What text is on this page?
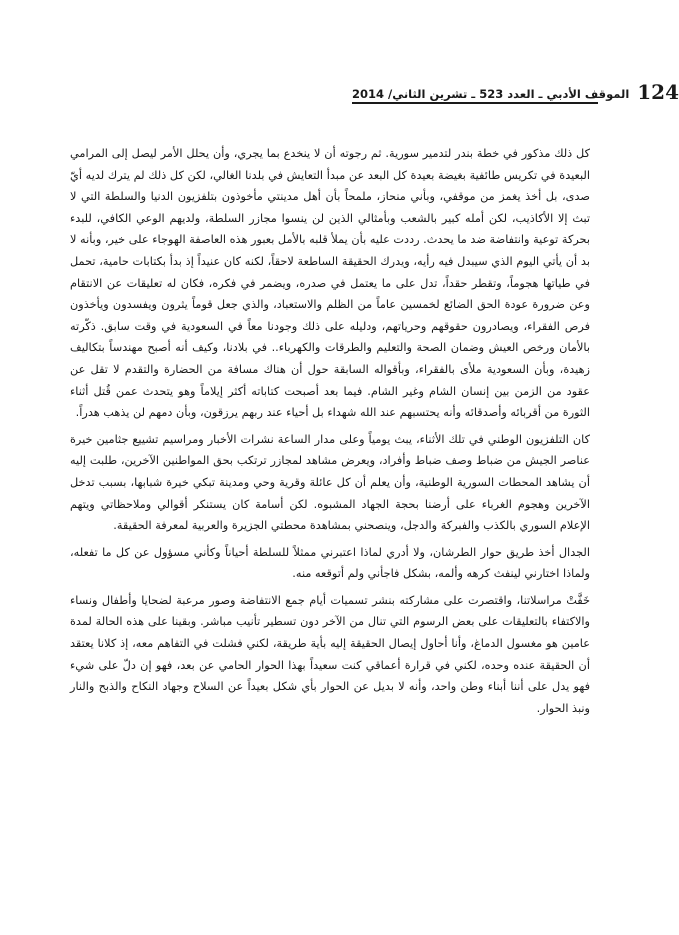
الموقف الأدبي ـ العدد 523 ـ تشرين الثاني/ 2014 124

كل ذلك مذكور في خطة بندر لتدمير سورية. ثم رجوته أن لا ينخدع بما يجري، وأن يحلل الأمر ليصل إلى المرامي البعيدة في تكريس طائفية بغيضة بعيدة كل البعد عن مبدأ التعايش في بلدنا الغالي، لكن كل ذلك لم يترك لديه أيّ صدى، بل أخذ يغمز من موقفي، وبأني منحاز، ملمحاً بأن أهل مدينتي مأخوذون بتلفزيون الدنيا والسلطة التي لا تبث إلا الأكاذيب، لكن أمله كبير بالشعب وبأمثالي الذين لن ينسوا مجازر السلطة، ولديهم الوعي الكافي، للبدء بحركة توعية وانتفاضة ضد ما يحدث. رددت عليه بأن يملأ قلبه بالأمل بعبور هذه العاصفة الهوجاء على خير، وبأنه لا بد أن يأتي اليوم الذي سيبدل فيه رأيه، ويدرك الحقيقة الساطعة لاحقاً، لكنه كان عنيداً إذ بدأ بكتابات حامية، تحمل في طياتها هجوماً، وتقطر حقداً، تدل على ما يعتمل في صدره، ويضمر في فكره، فكان له تعليقات عن الانتقام وعن ضرورة عودة الحق الضائع لخمسين عاماً من الظلم والاستعباد، والذي جعل قوماً يثرون ويفسدون ويأخذون فرص الفقراء، ويصادرون حقوقهم وحرياتهم، ودليله على ذلك وجودنا معاً في السعودية في وقت سابق. ذكّرته بالأمان ورخص العيش وضمان الصحة والتعليم والطرقات والكهرباء.. في بلادنا، وكيف أنه أصبح مهندساً بتكاليف زهيدة، وبأن السعودية ملأى بالفقراء، وبأقواله السابقة حول أن هناك مسافة من الحضارة والتقدم لا تقل عن عقود من الزمن بين إنسان الشام وغير الشام. فيما بعد أصبحت كتاباته أكثر إيلاماً وهو يتحدث عمن قُتل أثناء الثورة من أقربائه وأصدقائه وأنه يحتسبهم عند الله شهداء بل أحياء عند ربهم يرزقون، وبأن دمهم لن يذهب هدراً.

كان التلفزيون الوطني في تلك الأثناء، يبث يومياً وعلى مدار الساعة نشرات الأخبار ومراسيم تشييع جثامين خيرة عناصر الجيش من ضباط وصف ضباط وأفراد، ويعرض مشاهد لمجازر ترتكب بحق المواطنين الآخرين، طلبت إليه أن يشاهد المحطات السورية الوطنية، وأن يعلم أن كل عائلة وقرية وحي ومدينة تبكي خيرة شبابها، بسبب تدخل الآخرين وهجوم الغرباء على أرضنا بحجة الجهاد المشبوه. لكن أسامة كان يستنكر أقوالي وملاحظاتي ويتهم الإعلام السوري بالكذب والفبركة والدجل، وينصحني بمشاهدة محطتي الجزيرة والعربية لمعرفة الحقيقة.

الجدال أخذ طريق حوار الطرشان، ولا أدري لماذا اعتبرني ممثلاً للسلطة أحياناً وكأني مسؤول عن كل ما تفعله، ولماذا اختارني لينفث كرهه وألمه، بشكل فاجأني ولم أتوقعه منه.

خَفَّتْ مراسلاتنا، واقتصرت على مشاركته بنشر تسميات أيام جمع الانتفاضة وصور مرعبة لضحايا وأطفال ونساء والاكتفاء بالتعليقات على بعض الرسوم التي تنال من الآخر دون تسطير تأنيب مباشر. وبقينا على هذه الحالة لمدة عامين هو مغسول الدماغ، وأنا أحاول إيصال الحقيقة إليه بأية طريقة، لكني فشلت في التفاهم معه، إذ كلانا يعتقد أن الحقيقة عنده وحده، لكني في قرارة أعماقي كنت سعيداً بهذا الحوار الحامي عن بعد، فهو إن دلّ على شيء فهو يدل على أننا أبناء وطن واحد، وأنه لا بديل عن الحوار بأي شكل بعيداً عن السلاح وجهاد النكاح والذبح والنار ونبذ الحوار.
